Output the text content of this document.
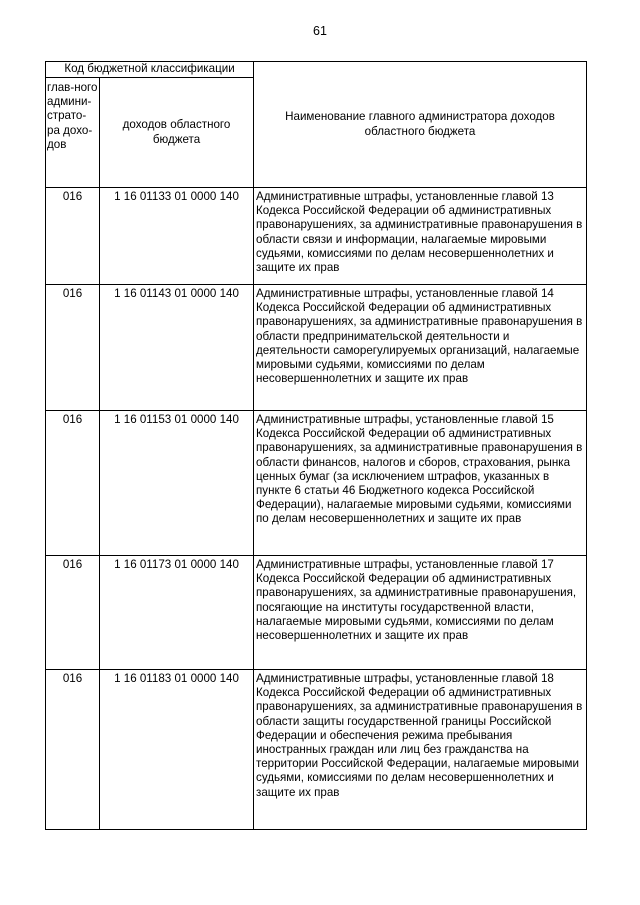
61
Код бюджетной классификации		Наименование главного администратора доходов областного бюджета
глав-ного админи-страто-ра дохо-дов	доходов областного бюджета	
016	1 16 01133 01 0000 140	Административные штрафы, установленные главой 13 Кодекса Российской Федерации об административных правонарушениях, за административные правонарушения в области связи и информации, налагаемые мировыми судьями, комиссиями по делам несовершеннолетних и защите их прав
016	1 16 01143 01 0000 140	Административные штрафы, установленные главой 14 Кодекса Российской Федерации об административных правонарушениях, за административные правонарушения в области предпринимательской деятельности и деятельности саморегулируемых организаций, налагаемые мировыми судьями, комиссиями по делам несовершеннолетних и защите их прав
016	1 16 01153 01 0000 140	Административные штрафы, установленные главой 15 Кодекса Российской Федерации об административных правонарушениях, за административные правонарушения в области финансов, налогов и сборов, страхования, рынка ценных бумаг (за исключением штрафов, указанных в пункте 6 статьи 46 Бюджетного кодекса Российской Федерации), налагаемые мировыми судьями, комиссиями по делам несовершеннолетних и защите их прав
016	1 16 01173 01 0000 140	Административные штрафы, установленные главой 17 Кодекса Российской Федерации об административных правонарушениях, за административные правонарушения, посягающие на институты государственной власти, налагаемые мировыми судьями, комиссиями по делам несовершеннолетних и защите их прав
016	1 16 01183 01 0000 140	Административные штрафы, установленные главой 18 Кодекса Российской Федерации об административных правонарушениях, за административные правонарушения в области защиты государственной границы Российской Федерации и обеспечения режима пребывания иностранных граждан или лиц без гражданства на территории Российской Федерации, налагаемые мировыми судьями, комиссиями по делам несовершеннолетних и защите их прав
